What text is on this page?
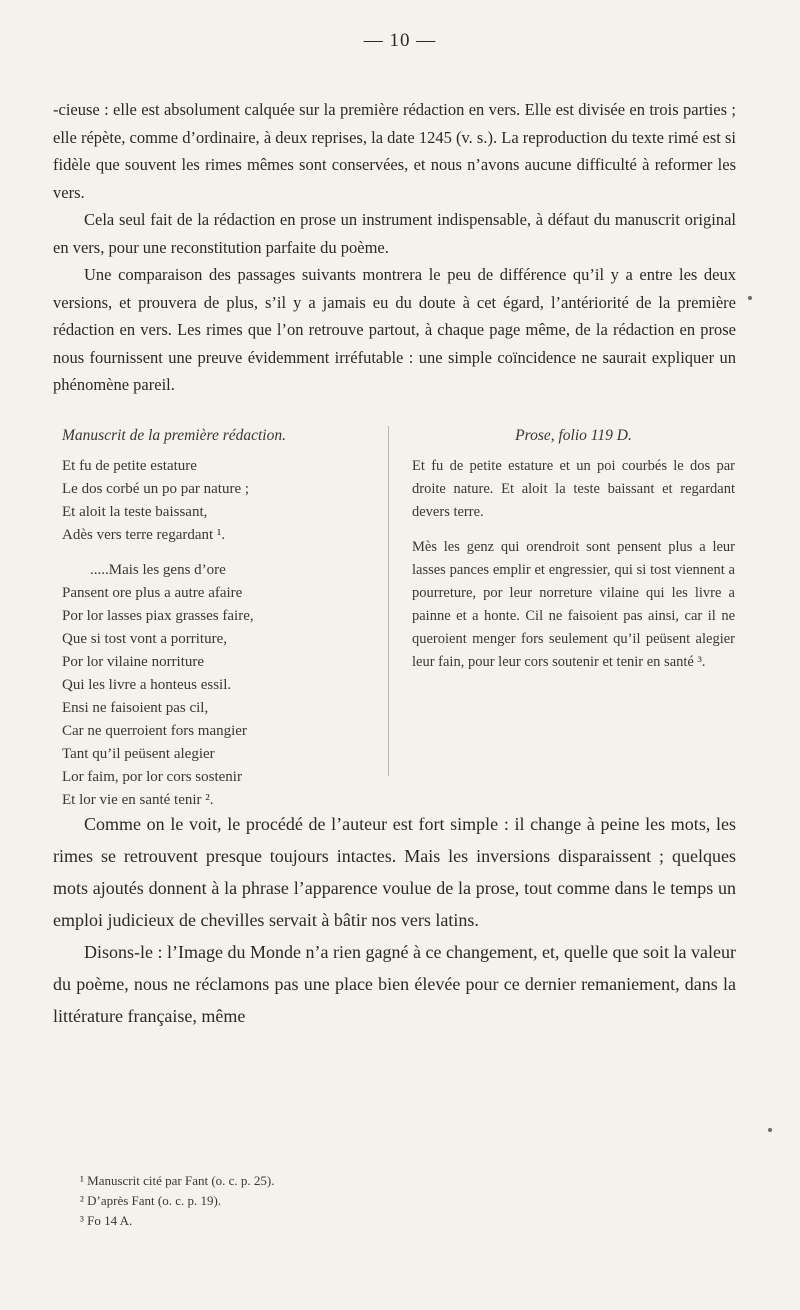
— 10 —

-cieuse : elle est absolument calquée sur la première rédaction en vers. Elle est divisée en trois parties ; elle répète, comme d’ordinaire, à deux reprises, la date 1245 (v. s.). La reproduction du texte rimé est si fidèle que souvent les rimes mêmes sont conservées, et nous n’avons aucune difficulté à reformer les vers.

Cela seul fait de la rédaction en prose un instrument indispensable, à défaut du manuscrit original en vers, pour une reconstitution parfaite du poème.

Une comparaison des passages suivants montrera le peu de différence qu’il y a entre les deux versions, et prouvera de plus, s’il y a jamais eu du doute à cet égard, l’antériorité de la première rédaction en vers. Les rimes que l’on retrouve partout, à chaque page même, de la rédaction en prose nous fournissent une preuve évidemment irréfutable : une simple coïncidence ne saurait expliquer un phénomène pareil.

Manuscrit de la première rédaction.

Et fu de petite estature
Le dos corbé un po par nature ;
Et aloit la teste baissant,
Adès vers terre regardant ¹.
.....Mais les gens d’ore
Pansent ore plus a autre afaire
Por lor lasses piax grasses faire,
Que si tost vont a porriture,
Por lor vilaine norriture
Qui les livre a honteus essil.
Ensi ne faisoient pas cil,
Car ne querroient fors mangier
Tant qu’il peüsent alegier
Lor faim, por lor cors sostenir
Et lor vie en santé tenir ².

Prose, folio 119 D.

Et fu de petite estature et un poi courbés le dos par droite nature. Et aloit la teste baissant et regardant devers terre.

Mès les genz qui orendroit sont pensent plus a leur lasses pances emplir et engressier, qui si tost viennent a pourreture, por leur norreture vilaine qui les livre a painne et a honte. Cil ne faisoient pas ainsi, car il ne queroient menger fors seulement qu’il peüsent alegier leur fain, pour leur cors soutenir et tenir en santé ³.

Comme on le voit, le procédé de l’auteur est fort simple : il change à peine les mots, les rimes se retrouvent presque toujours intactes. Mais les inversions disparaissent ; quelques mots ajoutés donnent à la phrase l’apparence voulue de la prose, tout comme dans le temps un emploi judicieux de chevilles servait à bâtir nos vers latins.

Disons-le : l’Image du Monde n’a rien gagné à ce changement, et, quelle que soit la valeur du poème, nous ne réclamons pas une place bien élevée pour ce dernier remaniement, dans la littérature française, même

¹ Manuscrit cité par Fant (o. c. p. 25).
² D’après Fant (o. c. p. 19).
³ Fo 14 A.
